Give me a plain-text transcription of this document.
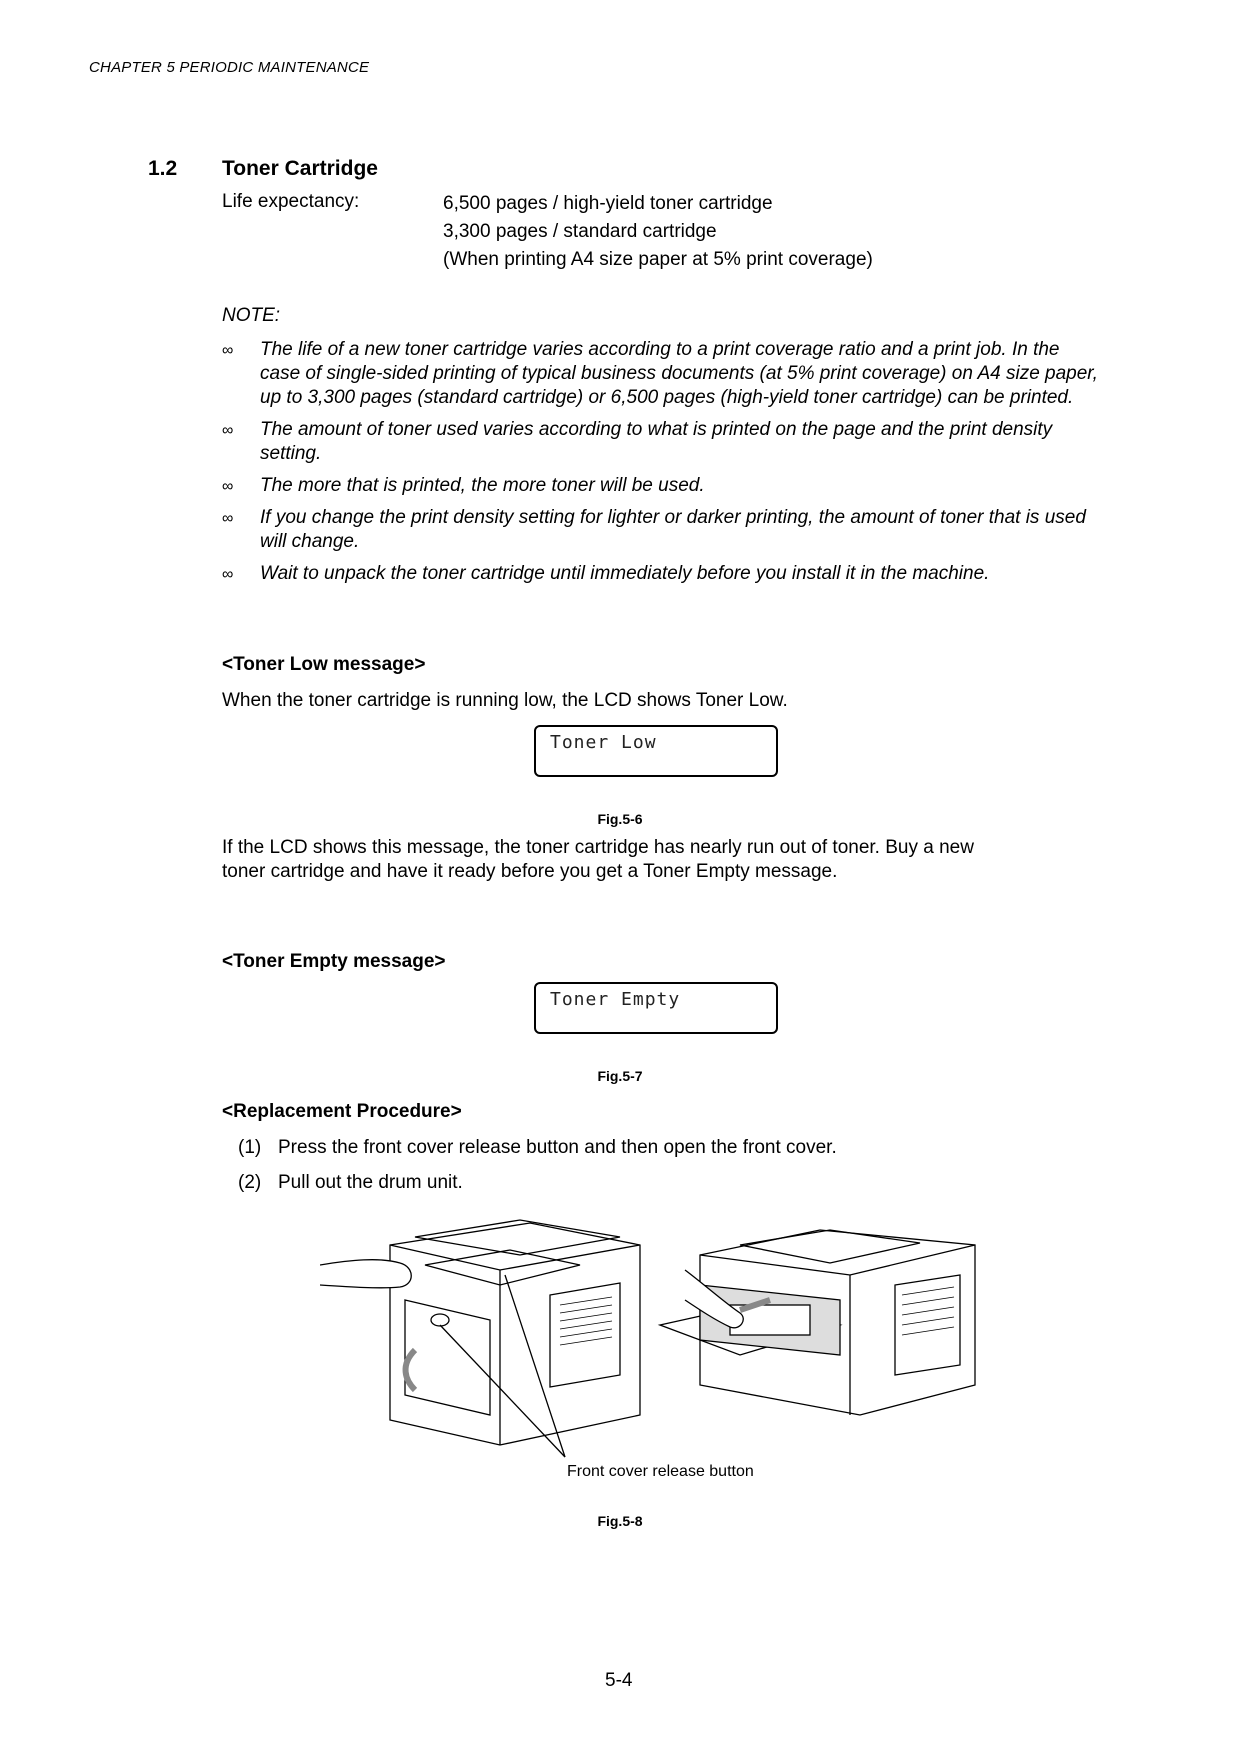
CHAPTER 5 PERIODIC MAINTENANCE
1.2 Toner Cartridge
Life expectancy:	6,500 pages / high-yield toner cartridge
3,300 pages / standard cartridge
(When printing A4 size paper at 5% print coverage)
NOTE:
∞ The life of a new toner cartridge varies according to a print coverage ratio and a print job. In the case of single-sided printing of typical business documents (at 5% print coverage) on A4 size paper, up to 3,300 pages (standard cartridge) or 6,500 pages (high-yield toner cartridge) can be printed.
∞ The amount of toner used varies according to what is printed on the page and the print density setting.
∞ The more that is printed, the more toner will be used.
∞ If you change the print density setting for lighter or darker printing, the amount of toner that is used will change.
∞ Wait to unpack the toner cartridge until immediately before you install it in the machine.
<Toner Low message>
When the toner cartridge is running low, the LCD shows Toner Low.
Toner Low
Fig.5-6
If the LCD shows this message, the toner cartridge has nearly run out of toner. Buy a new
toner cartridge and have it ready before you get a Toner Empty message.
<Toner Empty message>
Toner Empty
Fig.5-7
<Replacement Procedure>
(1) Press the front cover release button and then open the front cover.
(2) Pull out the drum unit.
Front cover release button
Fig.5-8
5-4
